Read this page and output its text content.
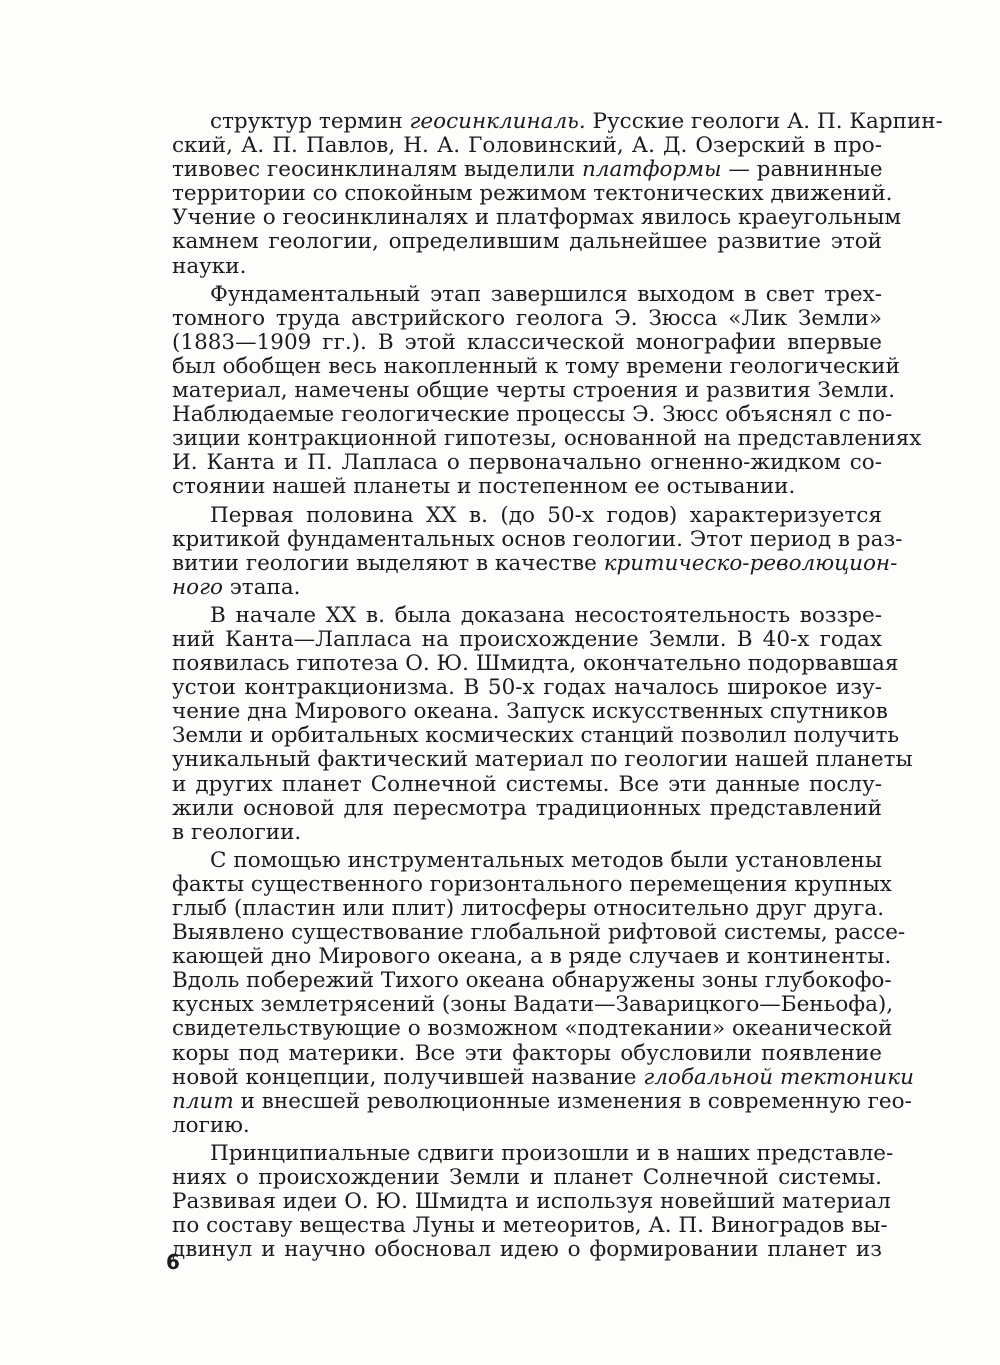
структур термин геосинклиналь. Русские геологи А. П. Карпин-
ский, А. П. Павлов, Н. А. Головинский, А. Д. Озерский в про-
тивовес геосинклиналям выделили платформы — равнинные
территории со спокойным режимом тектонических движений.
Учение о геосинклиналях и платформах явилось краеугольным
камнем геологии, определившим дальнейшее развитие этой
науки.

Фундаментальный этап завершился выходом в свет трех-
томного труда австрийского геолога Э. Зюсса «Лик Земли»
(1883—1909 гг.). В этой классической монографии впервые
был обобщен весь накопленный к тому времени геологический
материал, намечены общие черты строения и развития Земли.
Наблюдаемые геологические процессы Э. Зюсс объяснял с по-
зиции контракционной гипотезы, основанной на представлениях
И. Канта и П. Лапласа о первоначально огненно-жидком со-
стоянии нашей планеты и постепенном ее остывании.

Первая половина XX в. (до 50-х годов) характеризуется
критикой фундаментальных основ геологии. Этот период в раз-
витии геологии выделяют в качестве критическо-революцион-
ного этапа.

В начале XX в. была доказана несостоятельность воззре-
ний Канта—Лапласа на происхождение Земли. В 40-х годах
появилась гипотеза О. Ю. Шмидта, окончательно подорвавшая
устои контракционизма. В 50-х годах началось широкое изу-
чение дна Мирового океана. Запуск искусственных спутников
Земли и орбитальных космических станций позволил получить
уникальный фактический материал по геологии нашей планеты
и других планет Солнечной системы. Все эти данные послу-
жили основой для пересмотра традиционных представлений
в геологии.

С помощью инструментальных методов были установлены
факты существенного горизонтального перемещения крупных
глыб (пластин или плит) литосферы относительно друг друга.
Выявлено существование глобальной рифтовой системы, рассе-
кающей дно Мирового океана, а в ряде случаев и континенты.
Вдоль побережий Тихого океана обнаружены зоны глубокофо-
кусных землетрясений (зоны Вадати—Заварицкого—Беньофа),
свидетельствующие о возможном «подтекании» океанической
коры под материки. Все эти факторы обусловили появление
новой концепции, получившей название глобальной тектоники
плит и внесшей революционные изменения в современную гео-
логию.

Принципиальные сдвиги произошли и в наших представле-
ниях о происхождении Земли и планет Солнечной системы.
Развивая идеи О. Ю. Шмидта и используя новейший материал
по составу вещества Луны и метеоритов, А. П. Виноградов вы-
двинул и научно обосновал идею о формировании планет из

6
